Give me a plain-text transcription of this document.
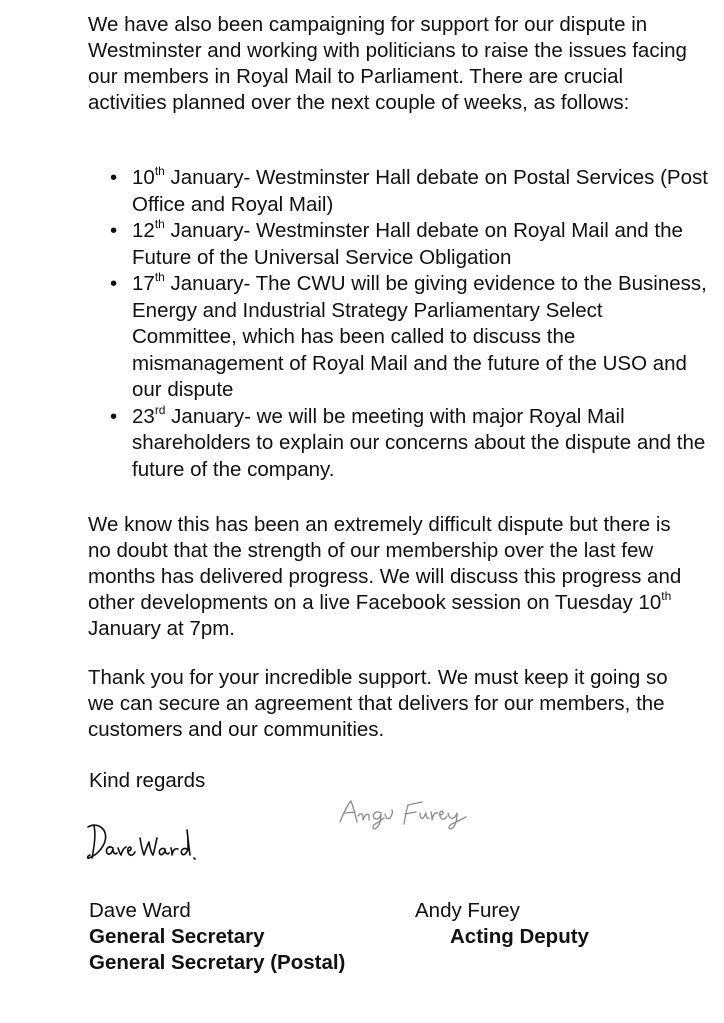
We have also been campaigning for support for our dispute in Westminster and working with politicians to raise the issues facing our members in Royal Mail to Parliament. There are crucial activities planned over the next couple of weeks, as follows:

• 10th January- Westminster Hall debate on Postal Services (Post Office and Royal Mail)
• 12th January- Westminster Hall debate on Royal Mail and the Future of the Universal Service Obligation
• 17th January- The CWU will be giving evidence to the Business, Energy and Industrial Strategy Parliamentary Select Committee, which has been called to discuss the mismanagement of Royal Mail and the future of the USO and our dispute
• 23rd January- we will be meeting with major Royal Mail shareholders to explain our concerns about the dispute and the future of the company.

We know this has been an extremely difficult dispute but there is no doubt that the strength of our membership over the last few months has delivered progress. We will discuss this progress and other developments on a live Facebook session on Tuesday 10th January at 7pm.

Thank you for your incredible support. We must keep it going so we can secure an agreement that delivers for our members, the customers and our communities.

Kind regards

Dave Ward
General Secretary
General Secretary (Postal)
Andy Furey
Acting Deputy
